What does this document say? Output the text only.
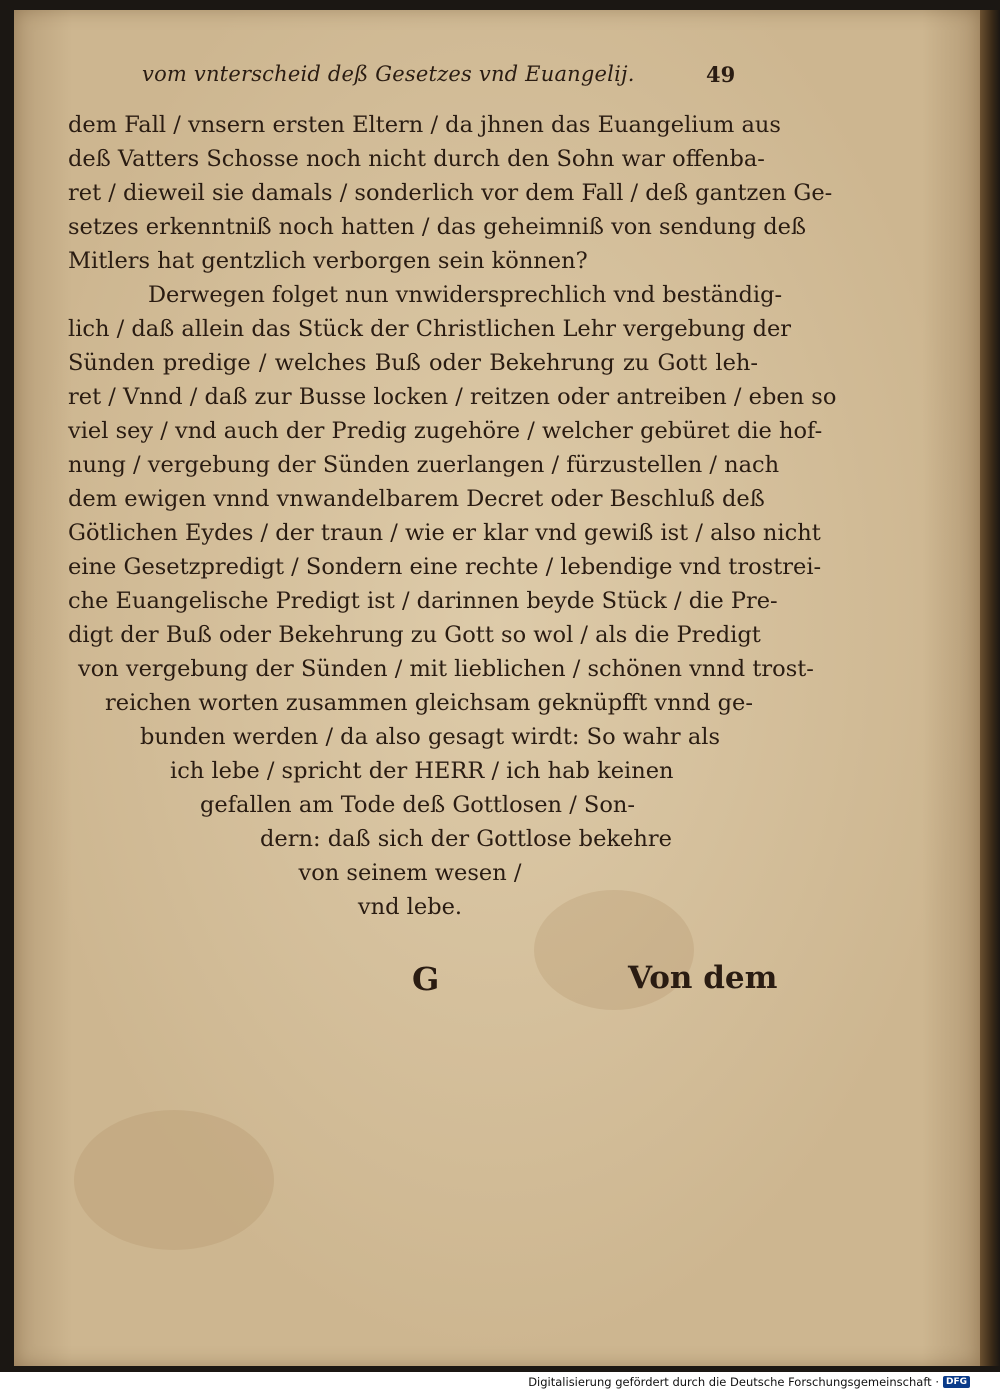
vom vnterscheid deß Gesetzes vnd Euangelij.	49
dem Fall / vnsern ersten Eltern / da jhnen das Euangelium aus
deß Vatters Schosse noch nicht durch den Sohn war offenba-
ret / dieweil sie damals / sonderlich vor dem Fall / deß gantzen Ge-
setzes erkenntniß noch hatten / das geheimniß von sendung deß
Mitlers hat gentzlich verborgen sein können?
Derwegen folget nun vnwidersprechlich vnd beständig-
lich / daß allein das Stück der Christlichen Lehr vergebung der
Sünden predige / welches Buß oder Bekehrung zu Gott leh-
ret / Vnnd / daß zur Busse locken / reitzen oder antreiben / eben so
viel sey / vnd auch der Predig zugehöre / welcher gebüret die hof-
nung / vergebung der Sünden zuerlangen / fürzustellen / nach
dem ewigen vnnd vnwandelbarem Decret oder Beschluß deß
Götlichen Eydes / der traun / wie er klar vnd gewiß ist / also nicht
eine Gesetzpredigt / Sondern eine rechte / lebendige vnd trostrei-
che Euangelische Predigt ist / darinnen beyde Stück / die Pre-
digt der Buß oder Bekehrung zu Gott so wol / als die Predigt
von vergebung der Sünden / mit lieblichen / schönen vnnd trost-
reichen worten zusammen gleichsam geknüpfft vnnd ge-
bunden werden / da also gesagt wirdt: So wahr als
ich lebe / spricht der HERR / ich hab keinen
gefallen am Tode deß Gottlosen / Son-
dern: daß sich der Gottlose bekehre
von seinem wesen /
vnd lebe.
G	Von dem
Digitalisierung gefördert durch die Deutsche Forschungsgemeinschaft · DFG
